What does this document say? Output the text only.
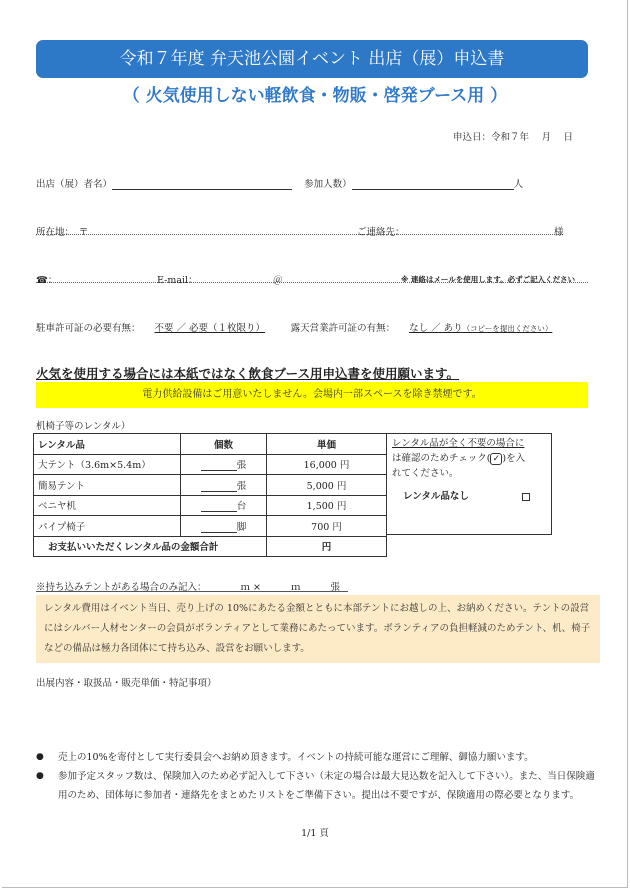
令和７年度 弁天池公園イベント 出店（展）申込書
（ 火気使用しない軽飲食・物販・啓発ブース用 ）
申込日：令和７年　 月　 日
出店（展）者名）	参加人数）	人
所在地：　〒	ご連絡先：	様
☎：	E-mail：	＠	※ 連絡はメールを使用します。必ずご記入ください
駐車許可証の必要有無： 不要 ／ 必要（１枚限り）	露天営業許可証の有無： なし ／ あり（コピーを提出ください）
火気を使用する場合には本紙ではなく飲食ブース用申込書を使用願います。
電力供給設備はご用意いたしません。会場内一部スペースを除き禁煙です。
机椅子等のレンタル）
レンタル品	個数	単価
大テント（3.6m×5.4m）	張	16,000 円
簡易テント	張	5,000 円
ベニヤ机	台	1,500 円
パイプ椅子	脚	700 円
お支払いいただくレンタル品の金額合計		円
レンタル品が全く不要の場合に
は確認のためチェック( ✓ )を入
れてください。
レンタル品なし
※持ち込みテントがある場合のみ記入：	ｍ ×	ｍ	張
レンタル費用はイベント当日、売り上げの 10%にあたる金額とともに本部テントにお越しの上、お納めください。テントの設営にはシルバー人材センターの会員がボランティアとして業務にあたっています。ボランティアの負担軽減のためテント、机、椅子などの備品は極力各団体にて持ち込み、設営をお願いします。
出展内容・取扱品・販売単価・特記事項）
●	売上の10%を寄付として実行委員会へお納め頂きます。イベントの持続可能な運営にご理解、御協力願います。
●	参加予定スタッフ数は、保険加入のため必ず記入して下さい（未定の場合は最大見込数を記入して下さい）。また、当日保険適用のため、団体毎に参加者・連絡先をまとめたリストをご準備下さい。提出は不要ですが、保険適用の際必要となります。
1/1 頁
